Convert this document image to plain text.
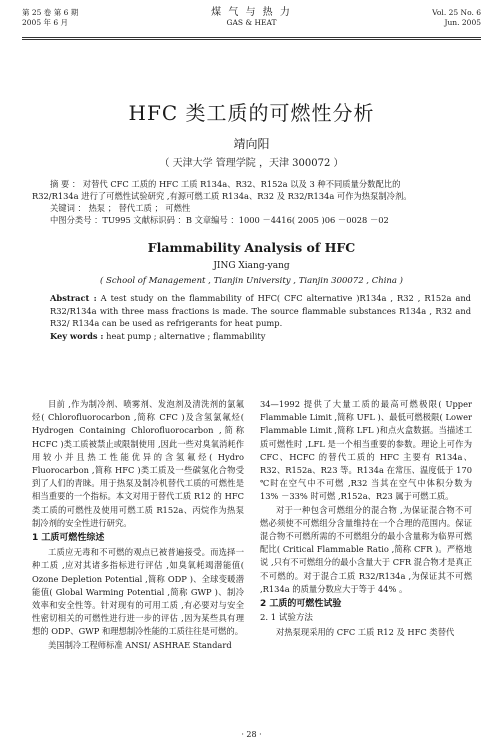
第 25 卷 第 6 期
2005 年 6 月
煤 气 与 热 力
GAS & HEAT
Vol. 25 No. 6
Jun. 2005
HFC 类工质的可燃性分析
靖向阳
（ 天津大学 管理学院 ，天津 300072 ）
摘 要 ： 对替代 CFC 工质的 HFC 工质 R134a、R32、R152a 以及 3 种不同质量分数配比的
R32/R134a 进行了可燃性试验研究 ,有源可燃工质 R134a、R32 及 R32/R134a 可作为热泵制冷剂。
关键词 ： 热泵 ； 替代工质 ； 可燃性
中图分类号 ：TU995 文献标识码 ：B 文章编号 ：1000 －4416( 2005 )06 －0028 －02
Flammability Analysis of HFC
JING Xiang-yang
( School of Management , Tianjin University , Tianjin 300072 , China )
Abstract : A test study on the flammability of HFC( CFC alternative )R134a , R32 , R152a and R32/R134a with three mass fractions is made. The source flammable substances R134a , R32 and R32/ R134a can be used as refrigerants for heat pump.
Key words : heat pump ; alternative ; flammability

目前 ,作为制冷剂、喷雾剂、发泡剂及清洗剂的氯氟烃( Chlorofluorocarbon ,简称 CFC )及含氢氯氟烃( Hydrogen Containing Chlorofluorocarbon ,简称 HCFC )类工质被禁止或限制使用 ,因此一些对臭氧消耗作用较小并且热工性能优异的含氢氟烃( Hydro Fluorocarbon ,简称 HFC )类工质及一些碳氢化合物受到了人们的青睐。用于热泵及制冷机替代工质的可燃性是相当重要的一个指标。本文对用于替代工质 R12 的 HFC 类工质的可燃性及使用可燃工质 R152a、丙烷作为热泵制冷剂的安全性进行研究。

1 工质可燃性综述

工质应无毒和不可燃的观点已被普遍接受。而选择一种工质 ,应对其诸多指标进行评估 ,如臭氧耗竭潜能值( Ozone Depletion Potential ,简称 ODP )、全球变暖潜能值( Global Warming Potential ,简称 GWP )、制冷效率和安全性等。针对现有的可用工质 ,有必要对与安全性密切相关的可燃性进行进一步的评估 ,因为某些具有理想的 ODP、GWP 和理想制冷性能的工质往往是可燃的。

美国制冷工程师标准 ANSI/ ASHRAE Standard

34—1992 提供了大量工质的最高可燃极限( Upper Flammable Limit ,简称 UFL )、最低可燃极限( Lower Flammable Limit ,简称 LFL )和点火盒数据。当描述工质可燃性时 ,LFL 是一个相当重要的参数。理论上可作为 CFC、HCFC 的替代工质的 HFC 主要有 R134a、R32、R152a、R23 等。R134a 在常压、温度低于 170 ℃时在空气中不可燃 ,R32 当其在空气中体积分数为 13% －33% 时可燃 ,R152a、R23 属于可燃工质。

对于一种包含可燃组分的混合物 ,为保证混合物不可燃必须使不可燃组分含量维持在一个合理的范围内。保证混合物不可燃所需的不可燃组分的最小含量称为临界可燃配比( Critical Flammable Ratio ,简称 CFR )。严格地说 ,只有不可燃组分的最小含量大于 CFR 混合物才是真正不可燃的。对于混合工质 R32/R134a ,为保证其不可燃 ,R134a 的质量分数应大于等于 44% 。

2 工质的可燃性试验

2. 1 试验方法

对热泵现采用的 CFC 工质 R12 及 HFC 类替代

· 28 ·
